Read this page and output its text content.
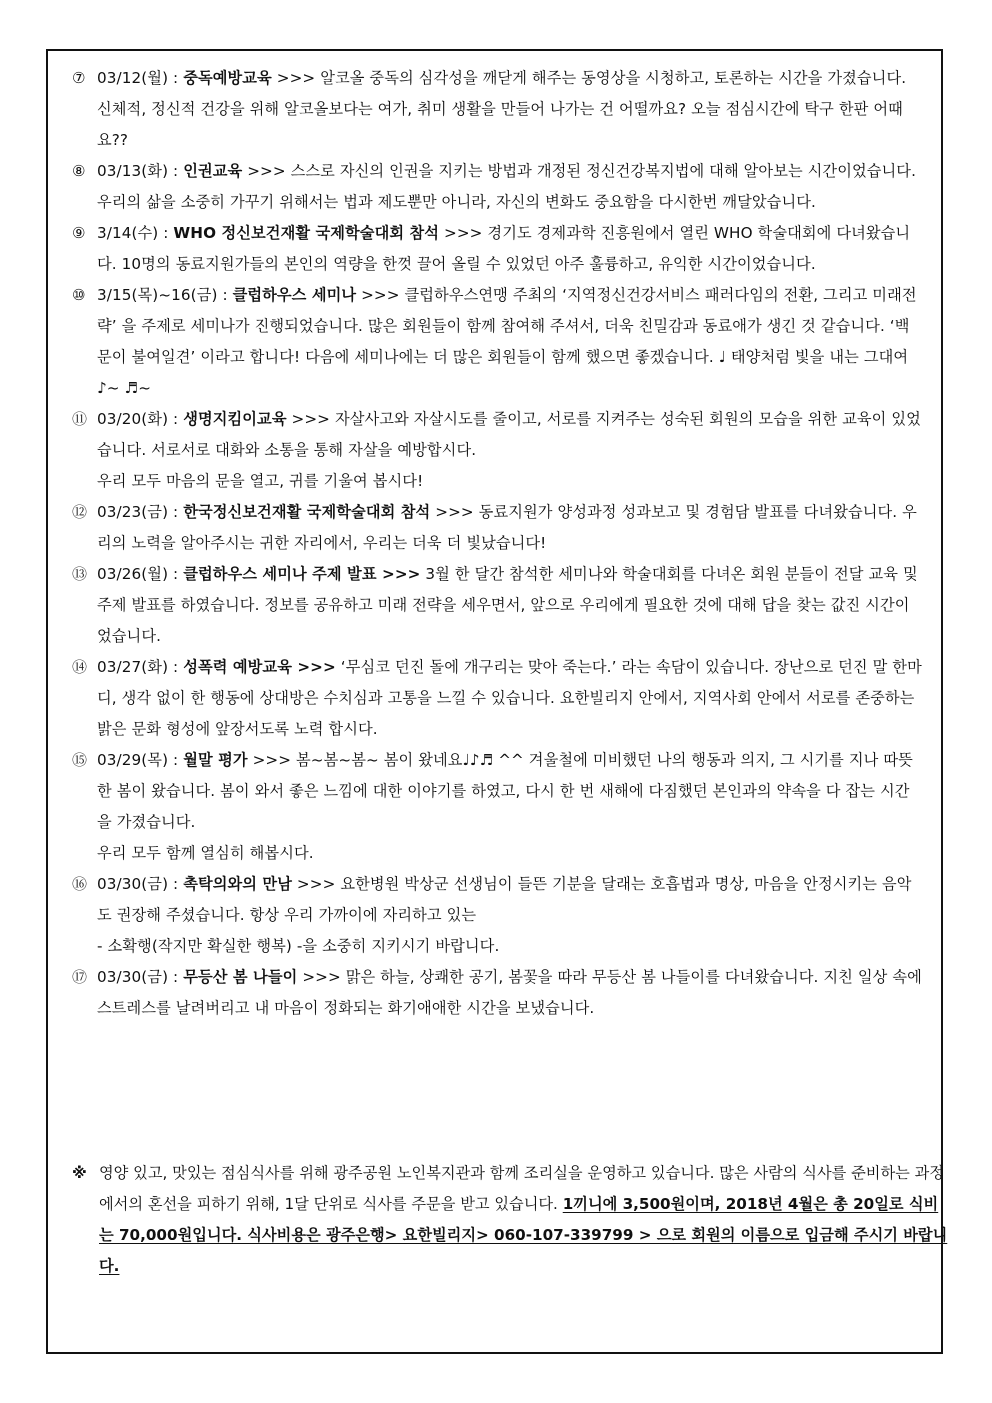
⑦ 03/12(월) : 중독예방교육 >>> 알코올 중독의 심각성을 깨닫게 해주는 동영상을 시청하고, 토론하는 시간을 가졌습니다. 신체적, 정신적 건강을 위해 알코올보다는 여가, 취미 생활을 만들어 나가는 건 어떨까요? 오늘 점심시간에 탁구 한판 어때요??
⑧ 03/13(화) : 인권교육 >>> 스스로 자신의 인권을 지키는 방법과 개정된 정신건강복지법에 대해 알아보는 시간이었습니다. 우리의 삶을 소중히 가꾸기 위해서는 법과 제도뿐만 아니라, 자신의 변화도 중요함을 다시한번 깨달았습니다.
⑨ 3/14(수) : WHO 정신보건재활 국제학술대회 참석 >>> 경기도 경제과학 진흥원에서 열린 WHO 학술대회에 다녀왔습니다. 10명의 동료지원가들의 본인의 역량을 한껏 끌어 올릴 수 있었던 아주 훌륭하고, 유익한 시간이었습니다.
⑩ 3/15(목)~16(금) : 클럽하우스 세미나 >>> 클럽하우스연맹 주최의 ‘지역정신건강서비스 패러다임의 전환, 그리고 미래전략’ 을 주제로 세미나가 진행되었습니다. 많은 회원들이 함께 참여해 주셔서, 더욱 친밀감과 동료애가 생긴 것 같습니다. ‘백문이 불여일견’ 이라고 합니다! 다음에 세미나에는 더 많은 회원들이 함께 했으면 좋겠습니다. ♩ 태양처럼 빛을 내는 그대여♪~ ♬~
⑪ 03/20(화) : 생명지킴이교육 >>> 자살사고와 자살시도를 줄이고, 서로를 지켜주는 성숙된 회원의 모습을 위한 교육이 있었습니다. 서로서로 대화와 소통을 통해 자살을 예방합시다.
우리 모두 마음의 문을 열고, 귀를 기울여 봅시다!
⑫ 03/23(금) : 한국정신보건재활 국제학술대회 참석 >>> 동료지원가 양성과정 성과보고 및 경험담 발표를 다녀왔습니다. 우리의 노력을 알아주시는 귀한 자리에서, 우리는 더욱 더 빛났습니다!
⑬ 03/26(월) : 클럽하우스 세미나 주제 발표 >>> 3월 한 달간 참석한 세미나와 학술대회를 다녀온 회원 분들이 전달 교육 및 주제 발표를 하였습니다. 정보를 공유하고 미래 전략을 세우면서, 앞으로 우리에게 필요한 것에 대해 답을 찾는 값진 시간이었습니다.
⑭ 03/27(화) : 성폭력 예방교육 >>> ‘무심코 던진 돌에 개구리는 맞아 죽는다.’ 라는 속담이 있습니다. 장난으로 던진 말 한마디, 생각 없이 한 행동에 상대방은 수치심과 고통을 느낄 수 있습니다. 요한빌리지 안에서, 지역사회 안에서 서로를 존중하는 밝은 문화 형성에 앞장서도록 노력 합시다.
⑮ 03/29(목) : 월말 평가 >>> 봄~봄~봄~ 봄이 왔네요♩♪♬ ^^ 겨울철에 미비했던 나의 행동과 의지, 그 시기를 지나 따뜻한 봄이 왔습니다. 봄이 와서 좋은 느낌에 대한 이야기를 하였고, 다시 한 번 새해에 다짐했던 본인과의 약속을 다 잡는 시간을 가졌습니다.
우리 모두 함께 열심히 해봅시다.
⑯ 03/30(금) : 촉탁의와의 만남 >>> 요한병원 박상군 선생님이 들뜬 기분을 달래는 호흡법과 명상, 마음을 안정시키는 음악도 권장해 주셨습니다. 항상 우리 가까이에 자리하고 있는
- 소확행(작지만 확실한 행복) -을 소중히 지키시기 바랍니다.
⑰ 03/30(금) : 무등산 봄 나들이 >>> 맑은 하늘, 상쾌한 공기, 봄꽃을 따라 무등산 봄 나들이를 다녀왔습니다. 지친 일상 속에 스트레스를 날려버리고 내 마음이 정화되는 화기애애한 시간을 보냈습니다.

※ 영양 있고, 맛있는 점심식사를 위해 광주공원 노인복지관과 함께 조리실을 운영하고 있습니다. 많은 사람의 식사를 준비하는 과정에서의 혼선을 피하기 위해, 1달 단위로 식사를 주문을 받고 있습니다. 1끼니에 3,500원이며, 2018년 4월은 총 20일로 식비는 70,000원입니다. 식사비용은 광주은행> 요한빌리지> 060-107-339799 > 으로 회원의 이름으로 입금해 주시기 바랍니다.
